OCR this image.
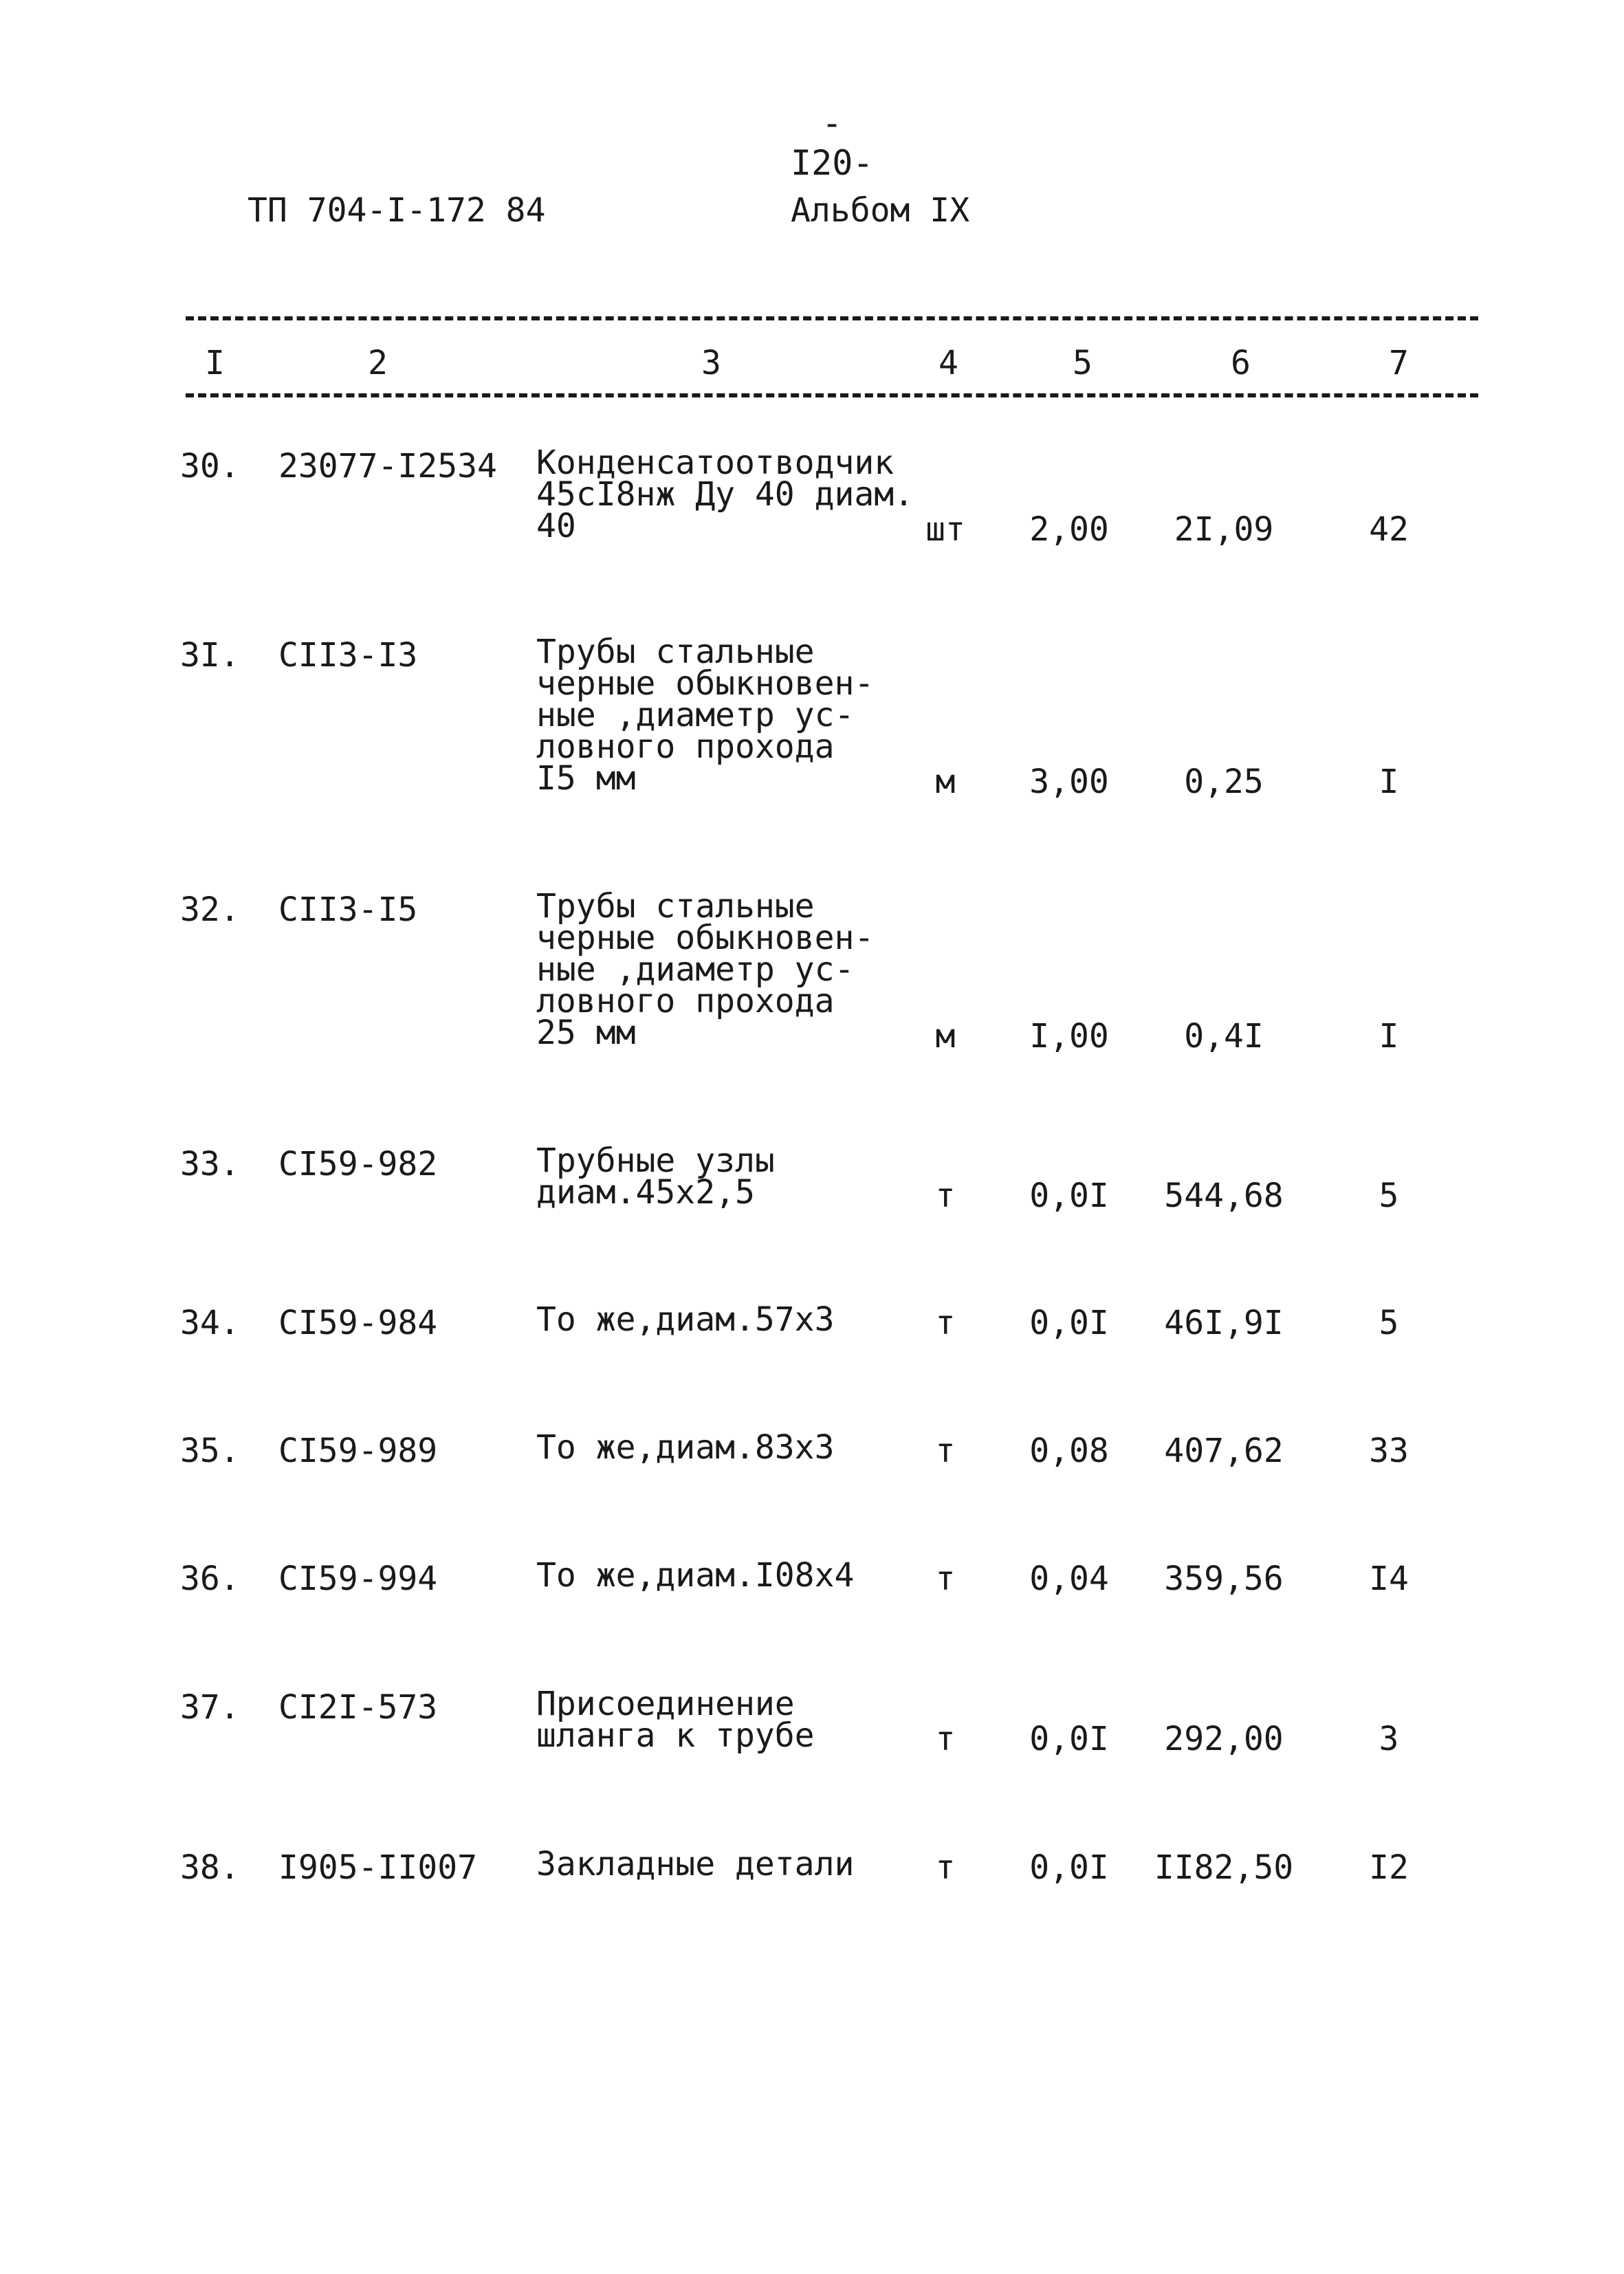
-I20-
ТП 704-I-172 84	Альбом IX
I	2	3	4	5	6	7
30. 23077-I2534 Конденсатоотводчик
45сI8нж Ду 40 диам.
40	шт	2,00	2I,09	42
3I. CII3-I3	Трубы стальные
черные обыкновен-
ные ,диаметр ус-
ловного прохода
I5 мм	м	3,00	0,25	I
32. CII3-I5	Трубы стальные
черные обыкновен-
ные ,диаметр ус-
ловного прохода
25 мм	м	I,00	0,4I	I
33. CI59-982	Трубные узлы
диам.45х2,5	т	0,0I	544,68	5
34. CI59-984	То же,диам.57х3	т	0,0I	46I,9I	5
35. CI59-989	То же,диам.83х3	т	0,08	407,62	33
36. CI59-994	То же,диам.I08х4	т	0,04	359,56	I4
37. CI2I-573	Присоединение
шланга к трубе	т	0,0I	292,00	3
38. I905-II007 Закладные детали	т	0,0I	II82,50	I2
